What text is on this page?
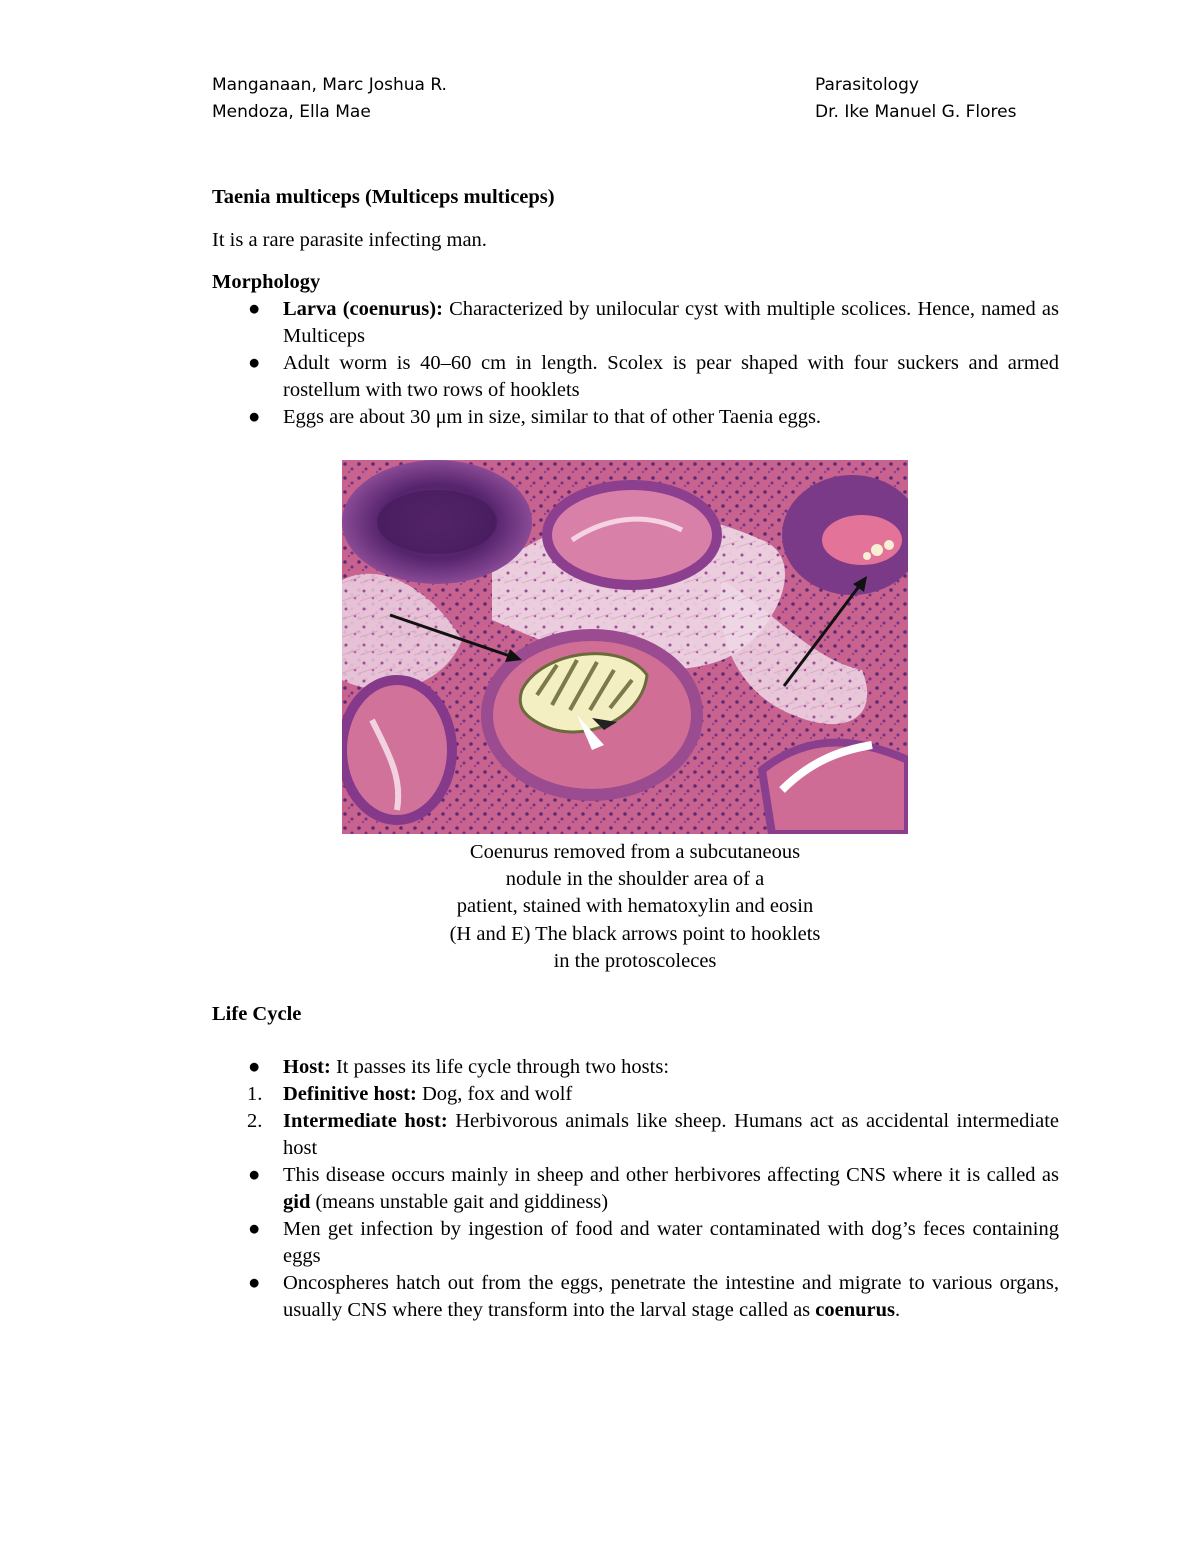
Manganaan, Marc Joshua R.
Mendoza, Ella Mae
Parasitology
Dr. Ike Manuel G. Flores

Taenia multiceps (Multiceps multiceps)

It is a rare parasite infecting man.

Morphology

● Larva (coenurus): Characterized by unilocular cyst with multiple scolices. Hence, named as Multiceps
● Adult worm is 40–60 cm in length. Scolex is pear shaped with four suckers and armed rostellum with two rows of hooklets
● Eggs are about 30 μm in size, similar to that of other Taenia eggs.
Coenurus removed from a subcutaneous
nodule in the shoulder area of a
patient, stained with hematoxylin and eosin
(H and E) The black arrows point to hooklets
in the protoscoleces

Life Cycle

● Host: It passes its life cycle through two hosts:
1. Definitive host: Dog, fox and wolf
2. Intermediate host: Herbivorous animals like sheep. Humans act as accidental intermediate host
● This disease occurs mainly in sheep and other herbivores affecting CNS where it is called as gid (means unstable gait and giddiness)
● Men get infection by ingestion of food and water contaminated with dog’s feces containing eggs
● Oncospheres hatch out from the eggs, penetrate the intestine and migrate to various organs, usually CNS where they transform into the larval stage called as coenurus.
